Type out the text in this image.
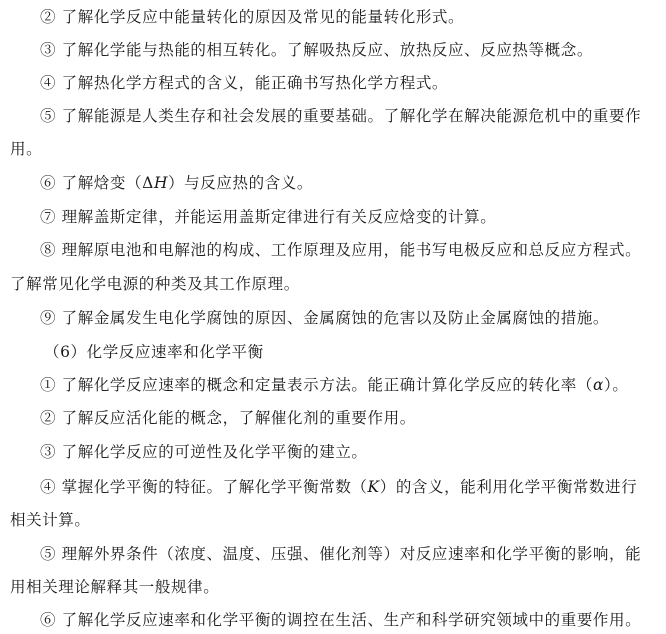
② 了解化学反应中能量转化的原因及常见的能量转化形式。
③ 了解化学能与热能的相互转化。了解吸热反应、放热反应、反应热等概念。
④ 了解热化学方程式的含义，能正确书写热化学方程式。
⑤ 了解能源是人类生存和社会发展的重要基础。了解化学在解决能源危机中的重要作
用。
⑥ 了解焓变（ΔH）与反应热的含义。
⑦ 理解盖斯定律，并能运用盖斯定律进行有关反应焓变的计算。
⑧ 理解原电池和电解池的构成、工作原理及应用，能书写电极反应和总反应方程式。
了解常见化学电源的种类及其工作原理。
⑨ 了解金属发生电化学腐蚀的原因、金属腐蚀的危害以及防止金属腐蚀的措施。
（6）化学反应速率和化学平衡
① 了解化学反应速率的概念和定量表示方法。能正确计算化学反应的转化率（α）。
② 了解反应活化能的概念，了解催化剂的重要作用。
③ 了解化学反应的可逆性及化学平衡的建立。
④ 掌握化学平衡的特征。了解化学平衡常数（K）的含义，能利用化学平衡常数进行
相关计算。
⑤ 理解外界条件（浓度、温度、压强、催化剂等）对反应速率和化学平衡的影响，能
用相关理论解释其一般规律。
⑥ 了解化学反应速率和化学平衡的调控在生活、生产和科学研究领域中的重要作用。
